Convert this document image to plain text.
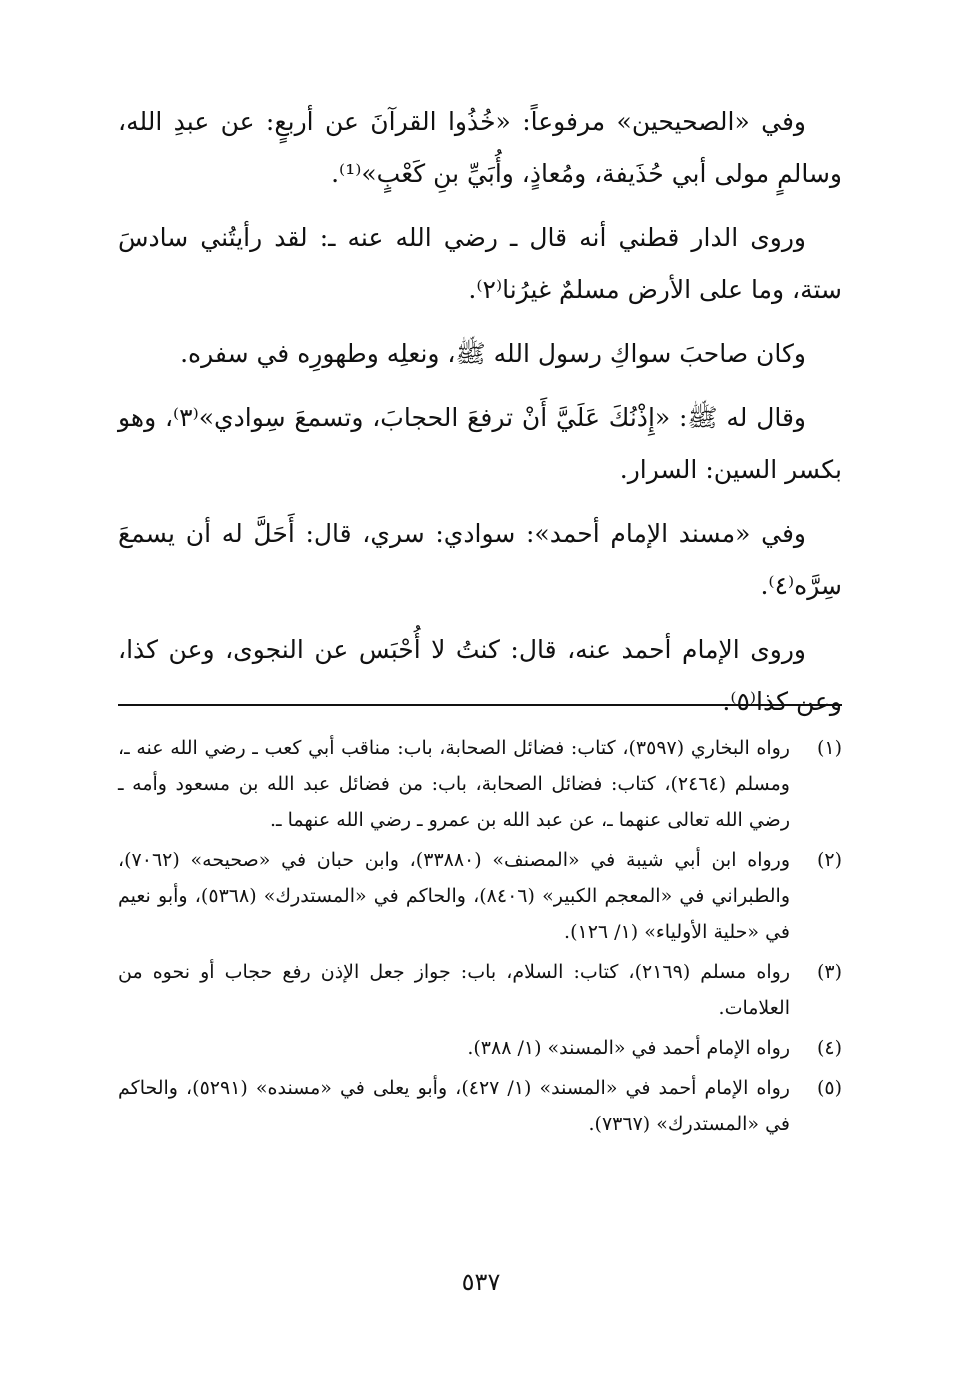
وفي «الصحيحين» مرفوعاً: «خُذُوا القرآنَ عن أربعٍ: عن عبدِ الله، وسالمٍ مولى أبي حُذَيفة، ومُعاذٍ، وأُبَيِّ بنِ كَعْبٍ»⁽¹⁾.

وروى الدار قطني أنه قال ـ رضي الله عنه ـ: لقد رأيتُني سادسَ ستة، وما على الأرض مسلمٌ غيرُنا⁽٢⁾.

وكان صاحبَ سواكِ رسول الله ﷺ، ونعلِه وطهورِه في سفره.

وقال له ﷺ: «إِذْنُكَ عَلَيَّ أَنْ ترفعَ الحجابَ، وتسمعَ سِوادي»⁽٣⁾، وهو بكسر السين: السرار.

وفي «مسند الإمام أحمد»: سوادي: سري، قال: أَحَلَّ له أن يسمعَ سِرَّه⁽٤⁾.

وروى الإمام أحمد عنه، قال: كنتُ لا أُحْبَس عن النجوى، وعن كذا، وعن كذا⁽٥⁾.

(١)
رواه البخاري (٣٥٩٧)، كتاب: فضائل الصحابة، باب: مناقب أبي كعب ـ رضي الله عنه ـ، ومسلم (٢٤٦٤)، كتاب: فضائل الصحابة، باب: من فضائل عبد الله بن مسعود وأمه ـ رضي الله تعالى عنهما ـ، عن عبد الله بن عمرو ـ رضي الله عنهما ـ.
(٢)
ورواه ابن أبي شيبة في «المصنف» (٣٣٨٨٠)، وابن حبان في «صحيحه» (٧٠٦٢)، والطبراني في «المعجم الكبير» (٨٤٠٦)، والحاكم في «المستدرك» (٥٣٦٨)، وأبو نعيم في «حلية الأولياء» (١/ ١٢٦).
(٣)
رواه مسلم (٢١٦٩)، كتاب: السلام، باب: جواز جعل الإذن رفع حجاب أو نحوه من العلامات.
(٤)
رواه الإمام أحمد في «المسند» (١/ ٣٨٨).
(٥)
رواه الإمام أحمد في «المسند» (١/ ٤٢٧)، وأبو يعلى في «مسنده» (٥٢٩١)، والحاكم في «المستدرك» (٧٣٦٧).
٥٣٧
